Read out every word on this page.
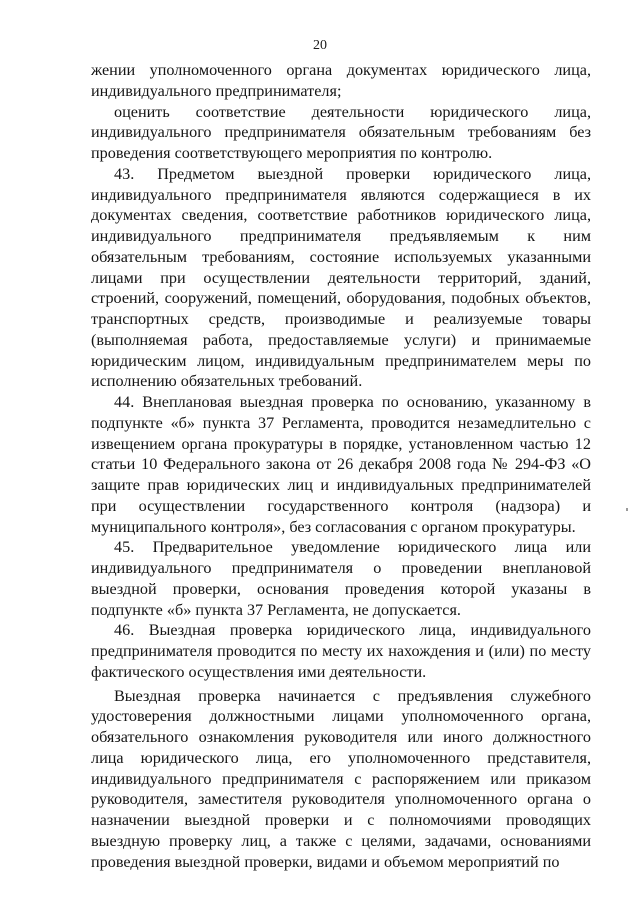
20

жении уполномоченного органа документах юридического лица, индивидуального предпринимателя;

оценить соответствие деятельности юридического лица, индивидуального предпринимателя обязательным требованиям без проведения соответствующего мероприятия по контролю.

43. Предметом выездной проверки юридического лица, индивидуального предпринимателя являются содержащиеся в их документах сведения, соответствие работников юридического лица, индивидуального предпринимателя предъявляемым к ним обязательным требованиям, состояние используемых указанными лицами при осуществлении деятельности территорий, зданий, строений, сооружений, помещений, оборудования, подобных объектов, транспортных средств, производимые и реализуемые товары (выполняемая работа, предоставляемые услуги) и принимаемые юридическим лицом, индивидуальным предпринимателем меры по исполнению обязательных требований.

44. Внеплановая выездная проверка по основанию, указанному в подпункте «б» пункта 37 Регламента, проводится незамедлительно с извещением органа прокуратуры в порядке, установленном частью 12 статьи 10 Федерального закона от 26 декабря 2008 года № 294-ФЗ «О защите прав юридических лиц и индивидуальных предпринимателей при осуществлении государственного контроля (надзора) и муниципального контроля», без согласования с органом прокуратуры.

45. Предварительное уведомление юридического лица или индивидуального предпринимателя о проведении внеплановой выездной проверки, основания проведения которой указаны в подпункте «б» пункта 37 Регламента, не допускается.

46. Выездная проверка юридического лица, индивидуального предпринимателя проводится по месту их нахождения и (или) по месту фактического осуществления ими деятельности.

Выездная проверка начинается с предъявления служебного удостоверения должностными лицами уполномоченного органа, обязательного ознакомления руководителя или иного должностного лица юридического лица, его уполномоченного представителя, индивидуального предпринимателя с распоряжением или приказом руководителя, заместителя руководителя уполномоченного органа о назначении выездной проверки и с полномочиями проводящих выездную проверку лиц, а также с целями, задачами, основаниями проведения выездной проверки, видами и объемом мероприятий по
